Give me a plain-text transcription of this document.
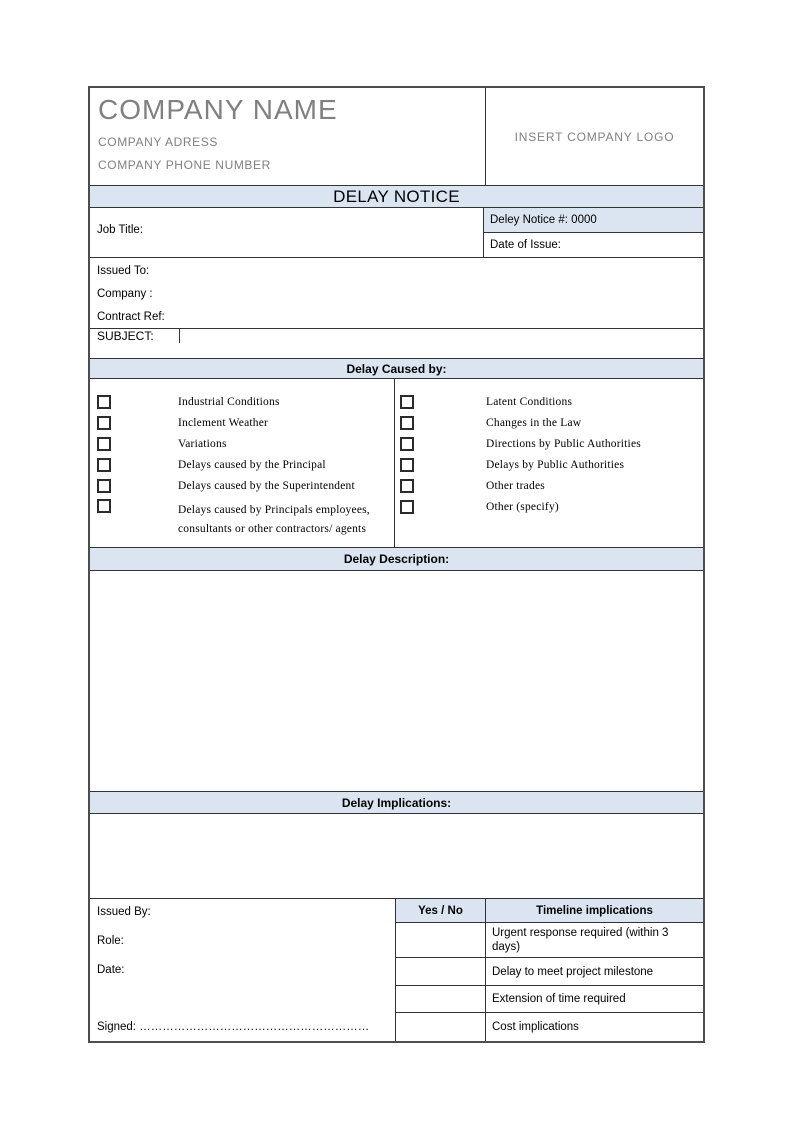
COMPANY NAME
COMPANY ADRESS
COMPANY PHONE NUMBER
INSERT COMPANY LOGO
DELAY NOTICE
Job Title:
Deley Notice #: 0000
Date of Issue:
Issued To:
Company :
Contract Ref:
SUBJECT:
Delay Caused by:
Industrial Conditions
Inclement Weather
Variations
Delays caused by the Principal
Delays caused by the Superintendent
Delays caused by Principals employees, consultants or other contractors/ agents
Latent Conditions
Changes in the Law
Directions by Public Authorities
Delays by Public Authorities
Other trades
Other (specify)
Delay Description:
Delay Implications:
Issued By:
Role:
Date:
Signed: ……………………………………………………
Yes / No	Timeline implications
Urgent response required (within 3 days)
Delay to meet project milestone
Extension of time required
Cost implications
